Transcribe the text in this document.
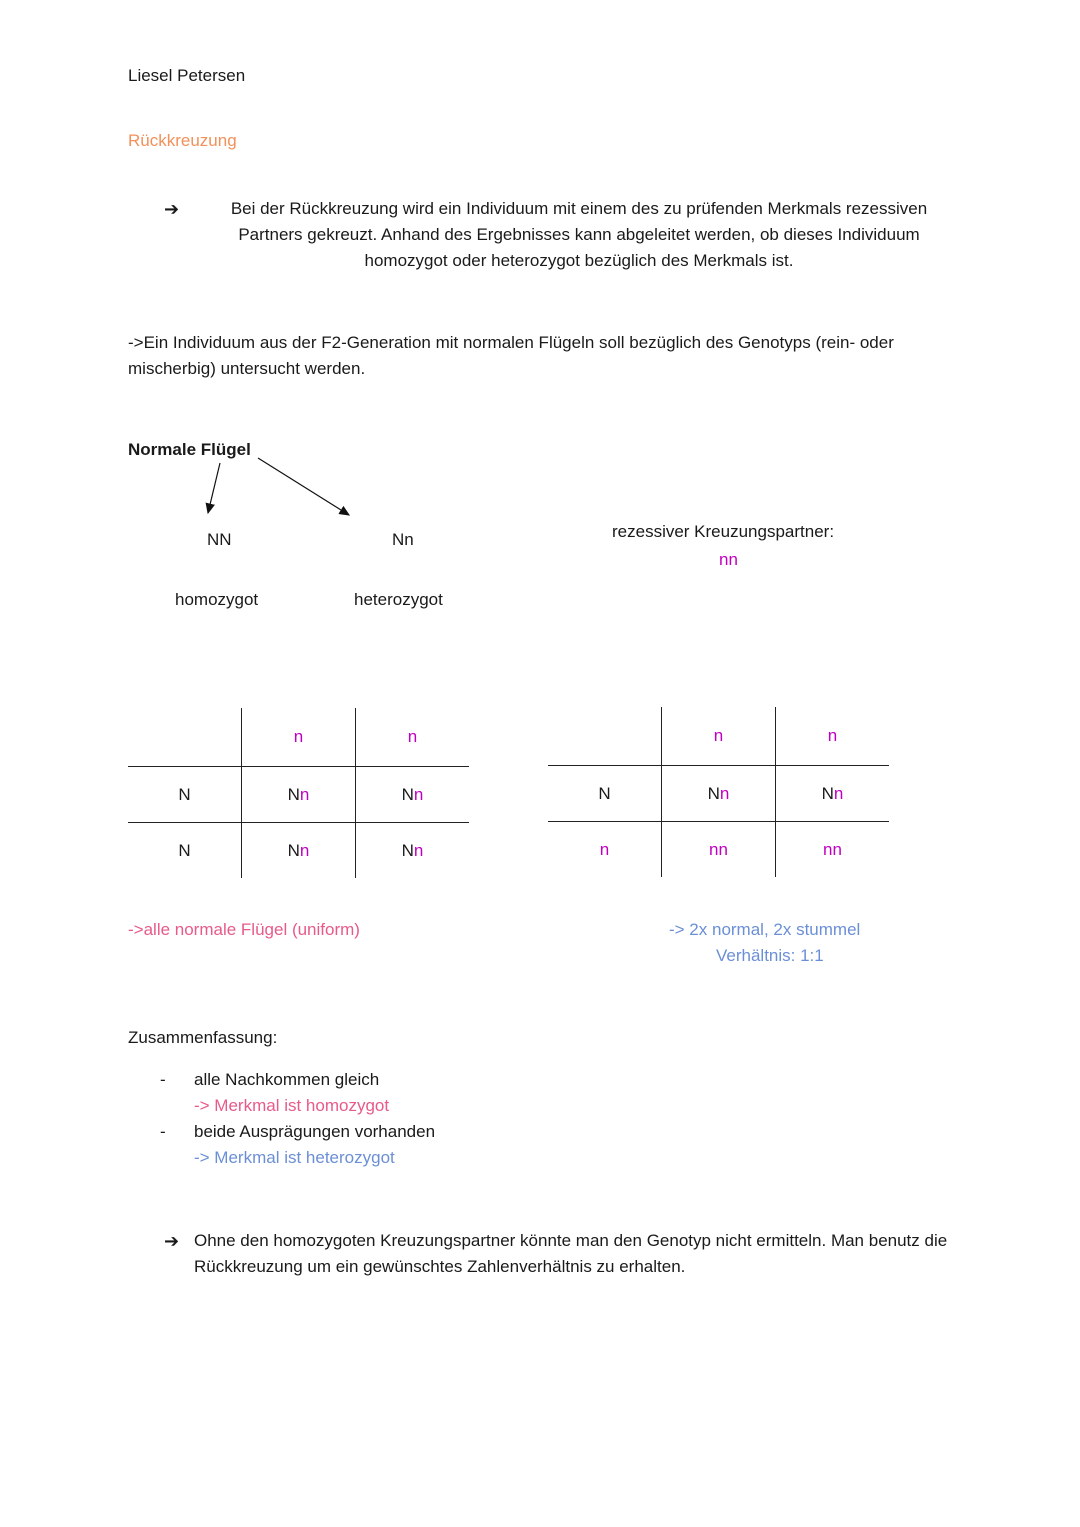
Liesel Petersen
Rückkreuzung
➔	Bei der Rückkreuzung wird ein Individuum mit einem des zu prüfenden Merkmals rezessiven
Partners gekreuzt. Anhand des Ergebnisses kann abgeleitet werden, ob dieses Individuum
homozygot oder heterozygot bezüglich des Merkmals ist.
->Ein Individuum aus der F2-Generation mit normalen Flügeln soll bezüglich des Genotyps (rein- oder mischerbig) untersucht werden.
Normale Flügel
NN	Nn
homozygot	heterozygot
rezessiver Kreuzungspartner:
nn
	n	n
N	Nn	Nn
N	Nn	Nn
	n	n
N	Nn	Nn
n	nn	nn
->alle normale Flügel (uniform)	-> 2x normal, 2x stummel
Verhältnis: 1:1
Zusammenfassung:
- alle Nachkommen gleich
-> Merkmal ist homozygot
- beide Ausprägungen vorhanden
-> Merkmal ist heterozygot
➔ Ohne den homozygoten Kreuzungspartner könnte man den Genotyp nicht ermitteln. Man benutz die Rückkreuzung um ein gewünschtes Zahlenverhältnis zu erhalten.
